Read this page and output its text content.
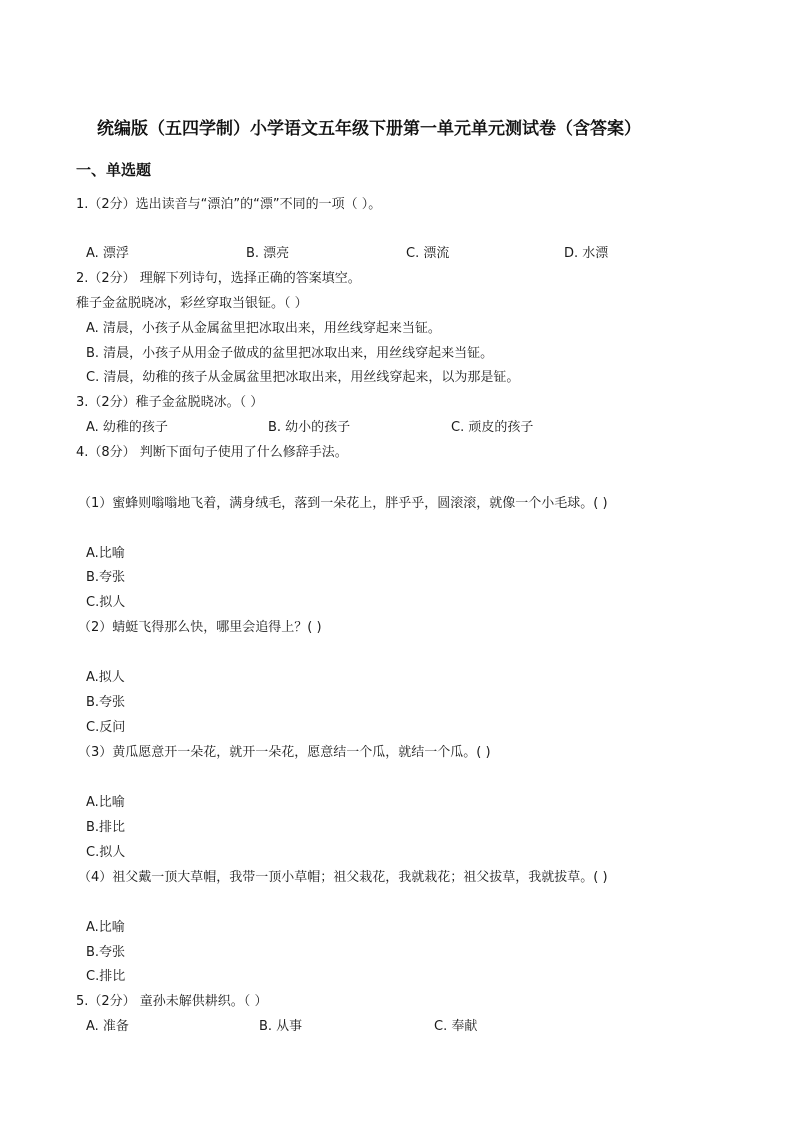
统编版（五四学制）小学语文五年级下册第一单元单元测试卷（含答案）
一、单选题
1.（2分）选出读音与“漂泊”的“漂”不同的一项（ ）。
A. 漂浮	B. 漂亮	C. 漂流	D. 水漂
2.（2分） 理解下列诗句，选择正确的答案填空。
稚子金盆脱晓冰，彩丝穿取当银钲。（ ）
A. 清晨，小孩子从金属盆里把冰取出来，用丝线穿起来当钲。
B. 清晨，小孩子从用金子做成的盆里把冰取出来，用丝线穿起来当钲。
C. 清晨，幼稚的孩子从金属盆里把冰取出来，用丝线穿起来，以为那是钲。
3.（2分）稚子金盆脱晓冰。（ ）
A. 幼稚的孩子	B. 幼小的孩子	C. 顽皮的孩子
4.（8分） 判断下面句子使用了什么修辞手法。
（1）蜜蜂则嗡嗡地飞着，满身绒毛，落到一朵花上，胖乎乎，圆滚滚，就像一个小毛球。( )
A.比喻
B.夸张
C.拟人
（2）蜻蜓飞得那么快，哪里会追得上？( )
A.拟人
B.夸张
C.反问
（3）黄瓜愿意开一朵花，就开一朵花，愿意结一个瓜，就结一个瓜。( )
A.比喻
B.排比
C.拟人
（4）祖父戴一顶大草帽，我带一顶小草帽；祖父栽花，我就栽花；祖父拔草，我就拔草。( )
A.比喻
B.夸张
C.排比
5.（2分） 童孙未解供耕织。（ ）
A. 准备	B. 从事	C. 奉献
